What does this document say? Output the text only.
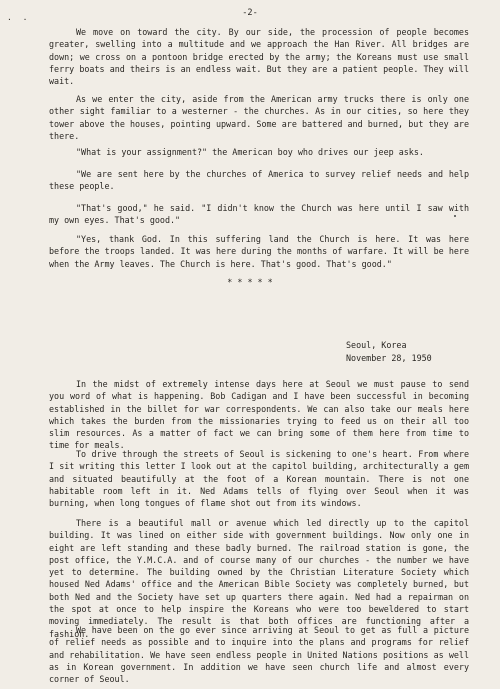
-2-
. .
We move on toward the city. By our side, the procession of people becomes greater, swelling into a multitude and we approach the Han River. All bridges are down; we cross on a pontoon bridge erected by the army; the Koreans must use small ferry boats and theirs is an endless wait. But they are a patient people. They will wait.
As we enter the city, aside from the American army trucks there is only one other sight familiar to a westerner - the churches. As in our cities, so here they tower above the houses, pointing upward. Some are battered and burned, but they are there.
"What is your assignment?" the American boy who drives our jeep asks.
"We are sent here by the churches of America to survey relief needs and help these people.
"That's good," he said. "I didn't know the Church was here until I saw with my own eyes. That's good."
"Yes, thank God. In this suffering land the Church is here. It was here before the troops landed. It was here during the months of warfare. It will be here when the Army leaves. The Church is here. That's good. That's good."
* * * * *
Seoul, Korea
November 28, 1950
In the midst of extremely intense days here at Seoul we must pause to send you word of what is happening. Bob Cadigan and I have been successful in becoming established in the billet for war correspondents. We can also take our meals here which takes the burden from the missionaries trying to feed us on their all too slim resources. As a matter of fact we can bring some of them here from time to time for meals.
To drive through the streets of Seoul is sickening to one's heart. From where I sit writing this letter I look out at the capitol building, architecturally a gem and situated beautifully at the foot of a Korean mountain. There is not one habitable room left in it. Ned Adams tells of flying over Seoul when it was burning, when long tongues of flame shot out from its windows.
There is a beautiful mall or avenue which led directly up to the capitol building. It was lined on either side with government buildings. Now only one in eight are left standing and these badly burned. The railroad station is gone, the post office, the Y.M.C.A. and of course many of our churches - the number we have yet to determine. The building owned by the Christian Literature Society which housed Ned Adams' office and the American Bible Society was completely burned, but both Ned and the Society have set up quarters there again. Ned had a repairman on the spot at once to help inspire the Koreans who were too beweldered to start moving immediately. The result is that both offices are functioning after a fashion.
We have been on the go ever since arriving at Seoul to get as full a picture of relief needs as possible and to inquire into the plans and programs for relief and rehabilitation. We have seen endless people in United Nations positions as well as in Korean government. In addition we have seen church life and almost every corner of Seoul.
